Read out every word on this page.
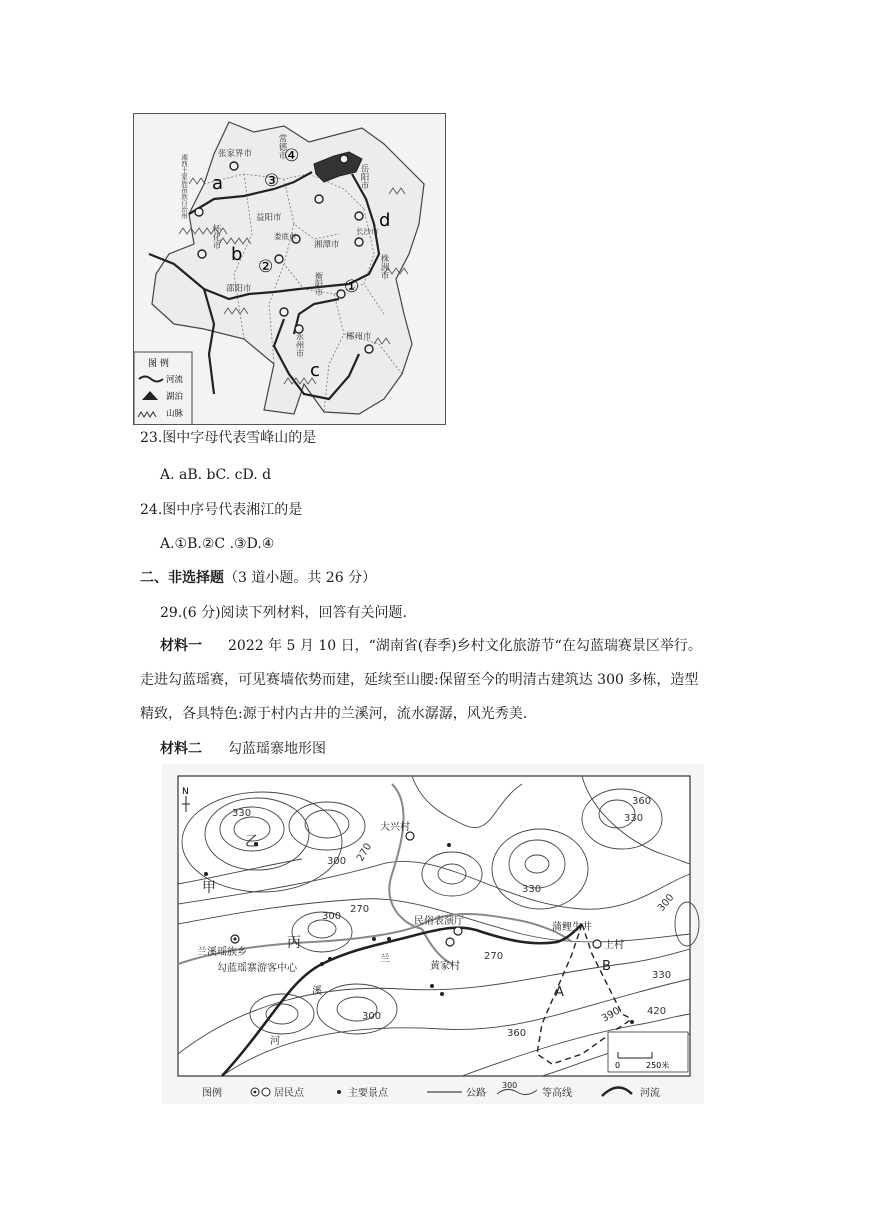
a
b
c
d
①
②
③
④
张家界市
岳阳市
益阳市
长沙市
湘潭市
娄底市
衡阳市
株洲市
邵阳市
怀化市
常德市
永州市	郴州市
湘西土家族苗族自治州
图 例
河流
湖泊
山脉
23.图中字母代表雪峰山的是
A. aB. bC. cD. d
24.图中序号代表湘江的是
A.①B.②C .③D.④
二、非选择题（3 道小题。共 26 分）
29.(6 分)阅读下列材料，回答有关问题.
材料一 2022 年 5 月 10 日，“湖南省(春季)乡村文化旅游节“在勾蓝瑞赛景区举行。
走进勾蓝瑶赛，可见赛墙依势而建，延续至山腰:保留至今的明清古建筑达 300 多栋，造型
精致，各具特色:源于村内古井的兰溪河，流水潺潺，风光秀美.
材料二 勾蓝瑶寨地形图
N
360
330
330
300 270
300
330
270
300
270
300
330
360
390 420
大兴村
乙
甲
丙
兰溪瑶族乡
勾蓝瑶寨游客中心
民俗表演厅
黄家村
蒲鲤生井
上村
A
B
兰
溪
河
0	250米
图例	居民点	主要景点	公路
300
等高线	河流
